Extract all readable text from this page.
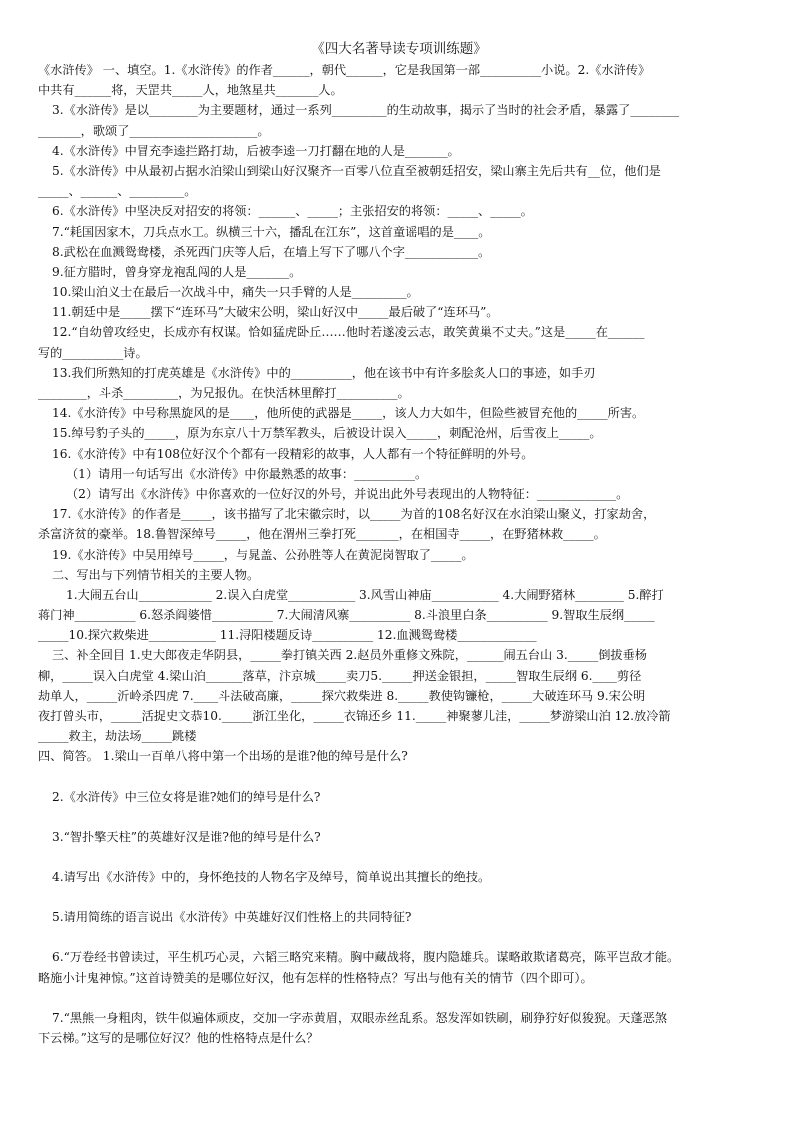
《四大名著导读专项训练题》
《水浒传》 一、填空。1.《水浒传》的作者______，朝代______，它是我国第一部__________小说。2.《水浒传》
中共有______将，天罡共_____人，地煞星共_______人。
3.《水浒传》是以________为主要题材，通过一系列_________的生动故事，揭示了当时的社会矛盾，暴露了________
_______，歌颂了_____________________。
4.《水浒传》中冒充李逵拦路打劫，后被李逵一刀打翻在地的人是_______。
5.《水浒传》中从最初占据水泊梁山到梁山好汉聚齐一百零八位直至被朝廷招安，梁山寨主先后共有__位，他们是
_____、______、_________。
6.《水浒传》中坚决反对招安的将领：______、_____；主张招安的将领：_____、_____。
7.“耗国因家木，刀兵点水工。纵横三十六，播乱在江东”，这首童谣唱的是____。
8.武松在血溅鸳鸯楼，杀死西门庆等人后，在墙上写下了哪八个字____________。
9.征方腊时，曾身穿龙袍乱闯的人是_______。
10.梁山泊义士在最后一次战斗中，痛失一只手臂的人是_________。
11.朝廷中是_____摆下“连环马”大破宋公明，梁山好汉中_____最后破了“连环马”。
12.“自幼曾攻经史，长成亦有权谋。恰如猛虎卧丘……他时若遂凌云志，敢笑黄巢不丈夫。”这是_____在______
写的__________诗。
13.我们所熟知的打虎英雄是《水浒传》中的__________，他在该书中有许多脍炙人口的事迹，如手刃
________，斗杀_________，为兄报仇。在快活林里醉打__________。
14.《水浒传》中号称黑旋风的是____，他所使的武器是_____，该人力大如牛，但险些被冒充他的_____所害。
15.绰号豹子头的_____，原为东京八十万禁军教头，后被设计误入_____，刺配沧州，后雪夜上_____。
16.《水浒传》中有108位好汉个个都有一段精彩的故事，人人都有一个特征鲜明的外号。
（1）请用一句话写出《水浒传》中你最熟悉的故事：__________。
（2）请写出《水浒传》中你喜欢的一位好汉的外号，并说出此外号表现出的人物特征：_____________。
17.《水浒传》的作者是_____，该书描写了北宋徽宗时，以_____为首的108名好汉在水泊梁山聚义，打家劫舍，
杀富济贫的豪举。18.鲁智深绰号_____，他在渭州三拳打死_______，在相国寺_____，在野猪林救_____。
19.《水浒传》中吴用绰号_____，与晁盖、公孙胜等人在黄泥岗智取了_____。
二、写出与下列情节相关的主要人物。
1.大闹五台山____________ 2.误入白虎堂___________ 3.风雪山神庙___________ 4.大闹野猪林________ 5.醉打
蒋门神__________ 6.怒杀阎婆惜__________ 7.大闹清风寨__________ 8.斗浪里白条__________ 9.智取生辰纲_____
_____10.探穴救柴进___________ 11.浔阳楼题反诗__________ 12.血溅鸳鸯楼_____________
三、补全回目 1.史大郎夜走华阴县，_____拳打镇关西 2.赵员外重修文殊院，______闹五台山 3._____倒拔垂杨
柳，_____误入白虎堂 4.梁山泊______落草，汴京城_____卖刀5._____押送金银担，_____智取生辰纲 6.____剪径
劫单人，_____沂岭杀四虎 7.____斗法破高廉，_____探穴救柴进 8._____教使钩镰枪，_____大破连环马 9.宋公明
夜打曾头市，_____活捉史文恭10._____浙江坐化，_____衣锦还乡 11._____神聚蓼儿洼，_____梦游梁山泊 12.放冷箭
_____救主，劫法场_____跳楼
四、简答。 1.梁山一百单八将中第一个出场的是谁?他的绰号是什么?
2.《水浒传》中三位女将是谁?她们的绰号是什么?
3.“智扑擎天柱”的英雄好汉是谁?他的绰号是什么?
4.请写出《水浒传》中的，身怀绝技的人物名字及绰号，简单说出其擅长的绝技。
5.请用简练的语言说出《水浒传》中英雄好汉们性格上的共同特征?
6.“万卷经书曾读过，平生机巧心灵，六韬三略究来精。胸中藏战将，腹内隐雄兵。谋略敢欺诸葛亮，陈平岂敌才能。
略施小计鬼神惊。”这首诗赞美的是哪位好汉，他有怎样的性格特点？写出与他有关的情节（四个即可）。
7.“黑熊一身粗肉，铁牛似遍体顽皮，交加一字赤黄眉，双眼赤丝乱系。怒发浑如铁刷，刷狰狞好似狻猊。天蓬恶煞
下云梯。”这写的是哪位好汉？他的性格特点是什么？
